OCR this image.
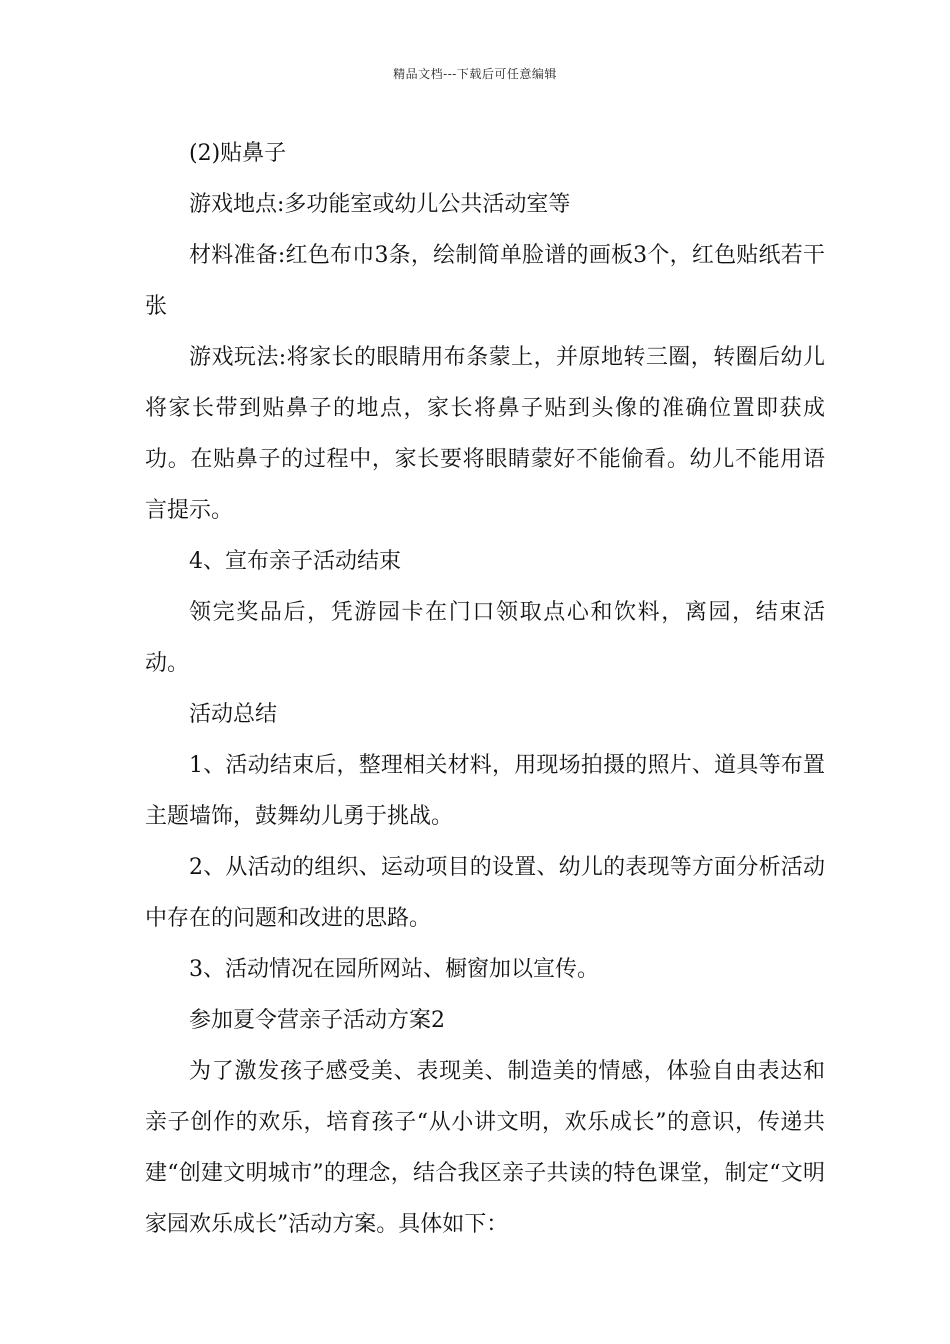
精品文档---下载后可任意编辑

(2)贴鼻子

游戏地点:多功能室或幼儿公共活动室等

材料准备:红色布巾3条，绘制简单脸谱的画板3个，红色贴纸若干张

游戏玩法:将家长的眼睛用布条蒙上，并原地转三圈，转圈后幼儿将家长带到贴鼻子的地点，家长将鼻子贴到头像的准确位置即获成功。在贴鼻子的过程中，家长要将眼睛蒙好不能偷看。幼儿不能用语言提示。

4、宣布亲子活动结束

领完奖品后，凭游园卡在门口领取点心和饮料，离园，结束活动。

活动总结

1、活动结束后，整理相关材料，用现场拍摄的照片、道具等布置主题墙饰，鼓舞幼儿勇于挑战。

2、从活动的组织、运动项目的设置、幼儿的表现等方面分析活动中存在的问题和改进的思路。

3、活动情况在园所网站、橱窗加以宣传。

参加夏令营亲子活动方案2

为了激发孩子感受美、表现美、制造美的情感，体验自由表达和亲子创作的欢乐，培育孩子“从小讲文明，欢乐成长”的意识，传递共建“创建文明城市”的理念，结合我区亲子共读的特色课堂，制定“文明家园欢乐成长”活动方案。具体如下：
